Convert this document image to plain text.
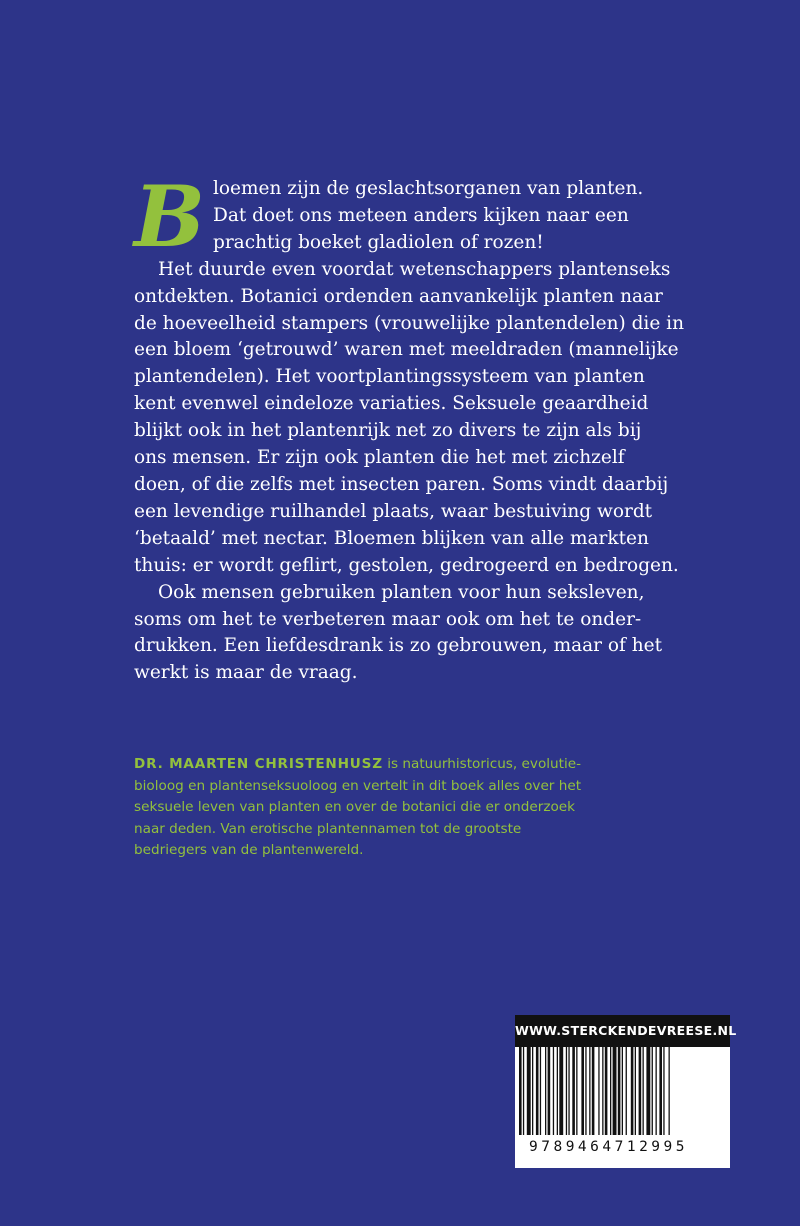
B loemen zijn de geslachtsorganen van planten.
Dat doet ons meteen anders kijken naar een
prachtig boeket gladiolen of rozen!
Het duurde even voordat wetenschappers plantenseks
ontdekten. Botanici ordenden aanvankelijk planten naar
de hoeveelheid stampers (vrouwelijke plantendelen) die in
een bloem ‘getrouwd’ waren met meeldraden (mannelijke
plantendelen). Het voortplantingssysteem van planten
kent evenwel eindeloze variaties. Seksuele geaardheid
blijkt ook in het plantenrijk net zo divers te zijn als bij
ons mensen. Er zijn ook planten die het met zichzelf
doen, of die zelfs met insecten paren. Soms vindt daarbij
een levendige ruilhandel plaats, waar bestuiving wordt
‘betaald’ met nectar. Bloemen blijken van alle markten
thuis: er wordt geflirt, gestolen, gedrogeerd en bedrogen.
Ook mensen gebruiken planten voor hun seksleven,
soms om het te verbeteren maar ook om het te onder-
drukken. Een liefdesdrank is zo gebrouwen, maar of het
werkt is maar de vraag.
DR. MAARTEN CHRISTENHUSZ is natuurhistoricus, evolutie-
bioloog en plantenseksuoloog en vertelt in dit boek alles over het
seksuele leven van planten en over de botanici die er onderzoek
naar deden. Van erotische plantennamen tot de grootste
bedriegers van de plantenwereld.
WWW.STERCKENDEVREESE.NL
9789464712995
